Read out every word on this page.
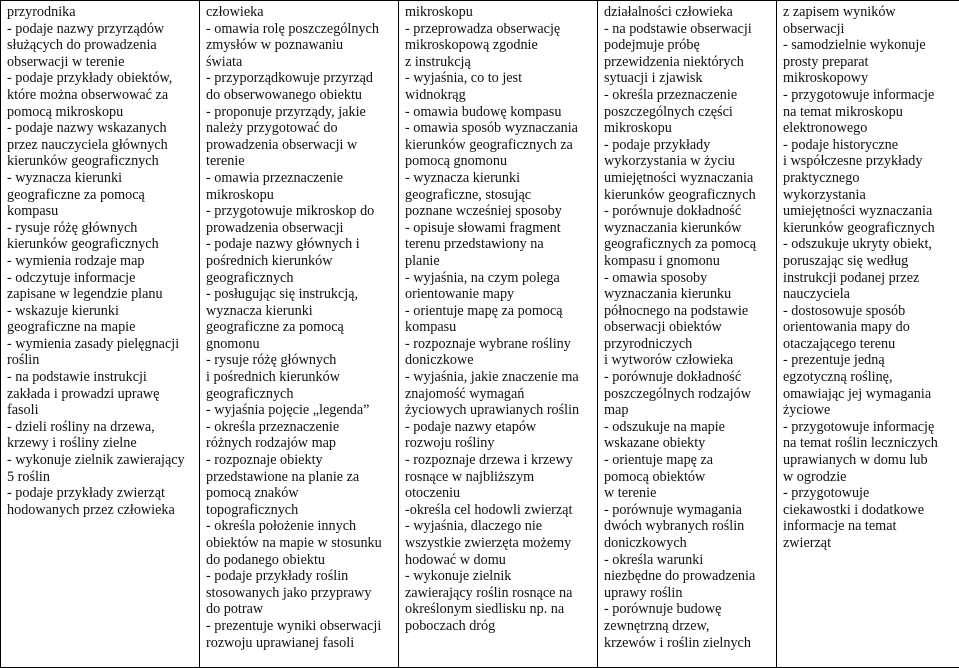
przyrodnika
- podaje nazwy przyrządów
służących do prowadzenia
obserwacji w terenie
- podaje przykłady obiektów,
które można obserwować za
pomocą mikroskopu
- podaje nazwy wskazanych
przez nauczyciela głównych
kierunków geograficznych
- wyznacza kierunki
geograficzne za pomocą
kompasu
- rysuje różę głównych
kierunków geograficznych
- wymienia rodzaje map
- odczytuje informacje
zapisane w legendzie planu
- wskazuje kierunki
geograficzne na mapie
- wymienia zasady pielęgnacji
roślin
- na podstawie instrukcji
zakłada i prowadzi uprawę
fasoli
- dzieli rośliny na drzewa,
krzewy i rośliny zielne
- wykonuje zielnik zawierający
5 roślin
- podaje przykłady zwierząt
hodowanych przez człowieka
człowieka
- omawia rolę poszczególnych
zmysłów w poznawaniu
świata
- przyporządkowuje przyrząd
do obserwowanego obiektu
- proponuje przyrządy, jakie
należy przygotować do
prowadzenia obserwacji w
terenie
- omawia przeznaczenie
mikroskopu
- przygotowuje mikroskop do
prowadzenia obserwacji
- podaje nazwy głównych i
pośrednich kierunków
geograficznych
- posługując się instrukcją,
wyznacza kierunki
geograficzne za pomocą
gnomonu
- rysuje różę głównych
i pośrednich kierunków
geograficznych
- wyjaśnia pojęcie „legenda”
- określa przeznaczenie
różnych rodzajów map
- rozpoznaje obiekty
przedstawione na planie za
pomocą znaków
topograficznych
- określa położenie innych
obiektów na mapie w stosunku
do podanego obiektu
- podaje przykłady roślin
stosowanych jako przyprawy
do potraw
- prezentuje wyniki obserwacji
rozwoju uprawianej fasoli
mikroskopu
- przeprowadza obserwację
mikroskopową zgodnie
z instrukcją
- wyjaśnia, co to jest
widnokrąg
- omawia budowę kompasu
- omawia sposób wyznaczania
kierunków geograficznych za
pomocą gnomonu
- wyznacza kierunki
geograficzne, stosując
poznane wcześniej sposoby
- opisuje słowami fragment
terenu przedstawiony na
planie
- wyjaśnia, na czym polega
orientowanie mapy
- orientuje mapę za pomocą
kompasu
- rozpoznaje wybrane rośliny
doniczkowe
- wyjaśnia, jakie znaczenie ma
znajomość wymagań
życiowych uprawianych roślin
- podaje nazwy etapów
rozwoju rośliny
- rozpoznaje drzewa i krzewy
rosnące w najbliższym
otoczeniu
-określa cel hodowli zwierząt
- wyjaśnia, dlaczego nie
wszystkie zwierzęta możemy
hodować w domu
- wykonuje zielnik
zawierający roślin rosnące na
określonym siedlisku np. na
poboczach dróg
działalności człowieka
- na podstawie obserwacji
podejmuje próbę
przewidzenia niektórych
sytuacji i zjawisk
- określa przeznaczenie
poszczególnych części
mikroskopu
- podaje przykłady
wykorzystania w życiu
umiejętności wyznaczania
kierunków geograficznych
- porównuje dokładność
wyznaczania kierunków
geograficznych za pomocą
kompasu i gnomonu
- omawia sposoby
wyznaczania kierunku
północnego na podstawie
obserwacji obiektów
przyrodniczych
i wytworów człowieka
- porównuje dokładność
poszczególnych rodzajów
map
- odszukuje na mapie
wskazane obiekty
- orientuje mapę za
pomocą obiektów
w terenie
- porównuje wymagania
dwóch wybranych roślin
doniczkowych
- określa warunki
niezbędne do prowadzenia
uprawy roślin
- porównuje budowę
zewnętrzną drzew,
krzewów i roślin zielnych
z zapisem wyników
obserwacji
- samodzielnie wykonuje
prosty preparat
mikroskopowy
- przygotowuje informacje
na temat mikroskopu
elektronowego
- podaje historyczne
i współczesne przykłady
praktycznego
wykorzystania
umiejętności wyznaczania
kierunków geograficznych
- odszukuje ukryty obiekt,
poruszając się według
instrukcji podanej przez
nauczyciela
- dostosowuje sposób
orientowania mapy do
otaczającego terenu
- prezentuje jedną
egzotyczną roślinę,
omawiając jej wymagania
życiowe
- przygotowuje informację
na temat roślin leczniczych
uprawianych w domu lub
w ogrodzie
- przygotowuje
ciekawostki i dodatkowe
informacje na temat
zwierząt
